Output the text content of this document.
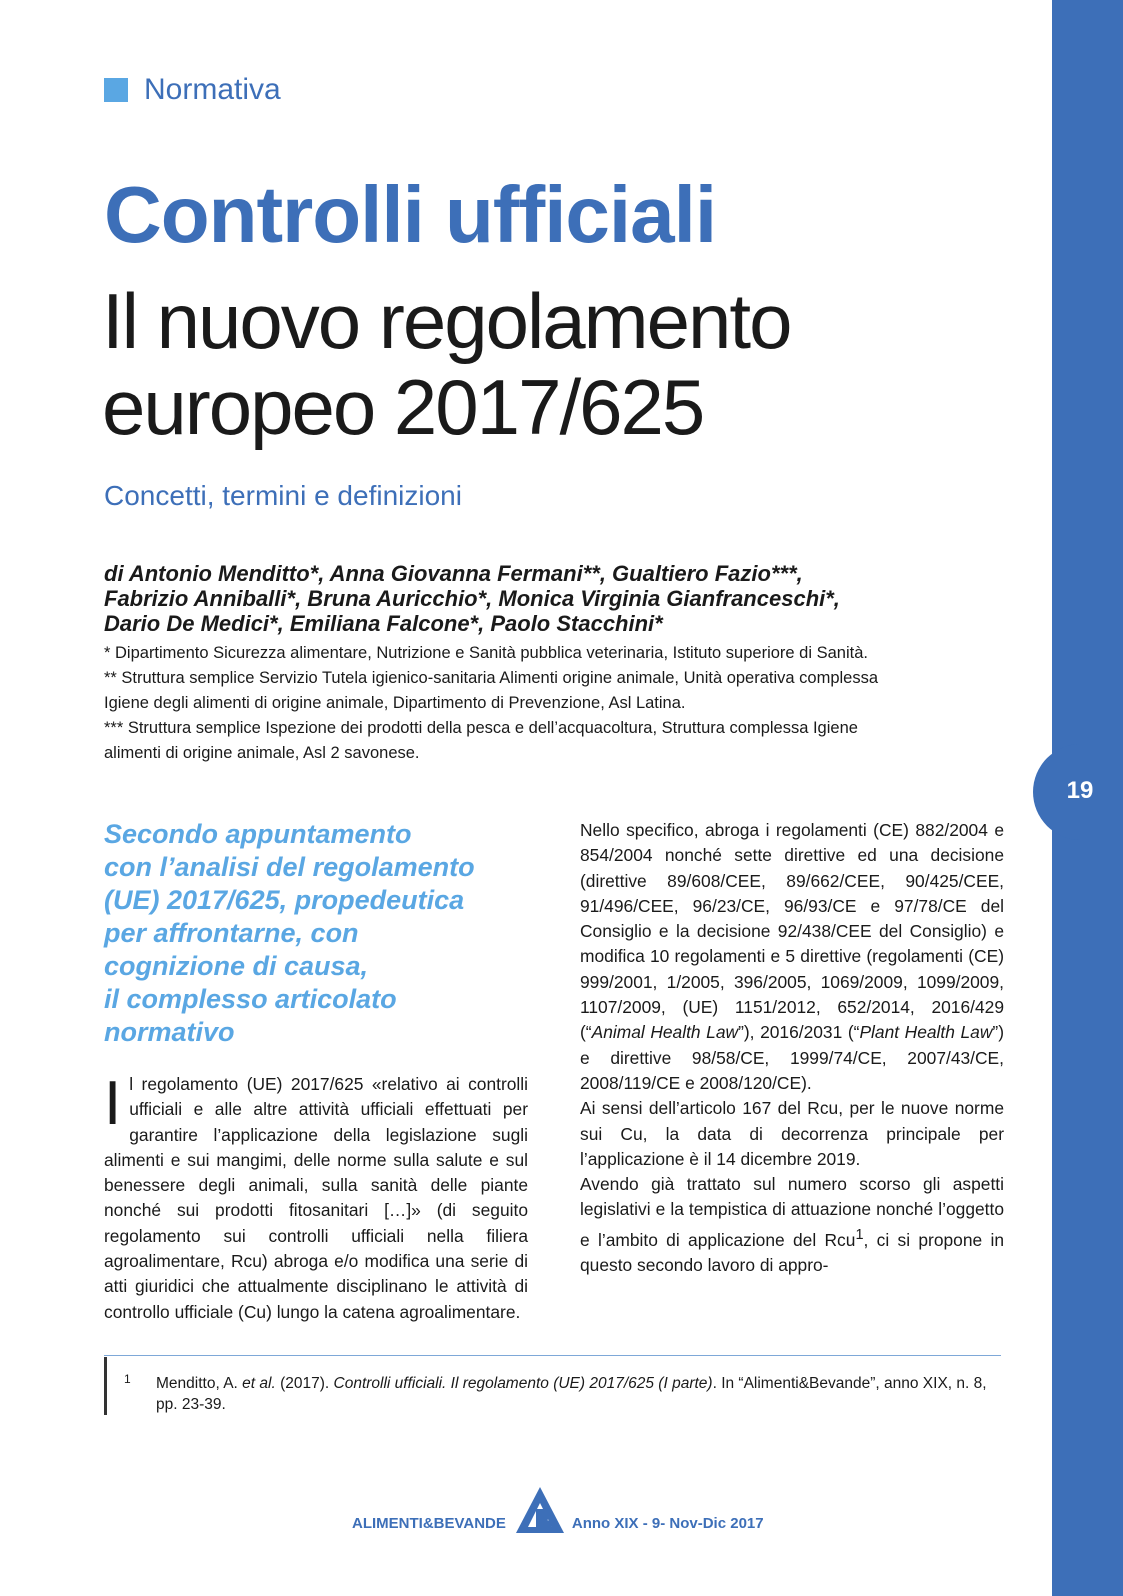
19
Normativa
Controlli ufficiali
Il nuovo regolamento
europeo 2017/625
Concetti, termini e definizioni
di Antonio Menditto*, Anna Giovanna Fermani**, Gualtiero Fazio***,
Fabrizio Anniballi*, Bruna Auricchio*, Monica Virginia Gianfranceschi*,
Dario De Medici*, Emiliana Falcone*, Paolo Stacchini*
* Dipartimento Sicurezza alimentare, Nutrizione e Sanità pubblica veterinaria, Istituto superiore di Sanità.
** Struttura semplice Servizio Tutela igienico-sanitaria Alimenti origine animale, Unità operativa complessa
Igiene degli alimenti di origine animale, Dipartimento di Prevenzione, Asl Latina.
*** Struttura semplice Ispezione dei prodotti della pesca e dell’acquacoltura, Struttura complessa Igiene
alimenti di origine animale, Asl 2 savonese.
Secondo appuntamento
con l’analisi del regolamento
(UE) 2017/625, propedeutica
per affrontarne, con
cognizione di causa,
il complesso articolato
normativo
I l regolamento (UE) 2017/625 «relativo ai controlli ufficiali e alle altre attività ufficiali effettuati per garantire l’applicazione della legislazione sugli alimenti e sui mangimi, delle norme sulla salute e sul benessere degli animali, sulla sanità delle piante nonché sui prodotti fitosanitari […]» (di seguito regolamento sui controlli ufficiali nella filiera agroalimentare, Rcu) abroga e/o modifica una serie di atti giuridici che attualmente disciplinano le attività di controllo ufficiale (Cu) lungo la catena agroalimentare.

Nello specifico, abroga i regolamenti (CE) 882/2004 e 854/2004 nonché sette direttive ed una decisione (direttive 89/608/CEE, 89/662/CEE, 90/425/CEE, 91/496/CEE, 96/23/CE, 96/93/CE e 97/78/CE del Consiglio e la decisione 92/438/CEE del Consiglio) e modifica 10 regolamenti e 5 direttive (regolamenti (CE) 999/2001, 1/2005, 396/2005, 1069/2009, 1099/2009, 1107/2009, (UE) 1151/2012, 652/2014, 2016/429 (“Animal Health Law”), 2016/2031 (“Plant Health Law”) e direttive 98/58/CE, 1999/74/CE, 2007/43/CE, 2008/119/CE e 2008/120/CE).

Ai sensi dell’articolo 167 del Rcu, per le nuove norme sui Cu, la data di decorrenza principale per l’applicazione è il 14 dicembre 2019.

Avendo già trattato sul numero scorso gli aspetti legislativi e la tempistica di attuazione nonché l’oggetto e l’ambito di applicazione del Rcu$^1$, ci si propone in questo secondo lavoro di appro-

1 Menditto, A. et al. (2017). Controlli ufficiali. Il regolamento (UE) 2017/625 (I parte). In “Alimenti&Bevande”, anno XIX, n. 8, pp. 23-39.
ALIMENTI&BEVANDE	Anno XIX - 9- Nov-Dic 2017
